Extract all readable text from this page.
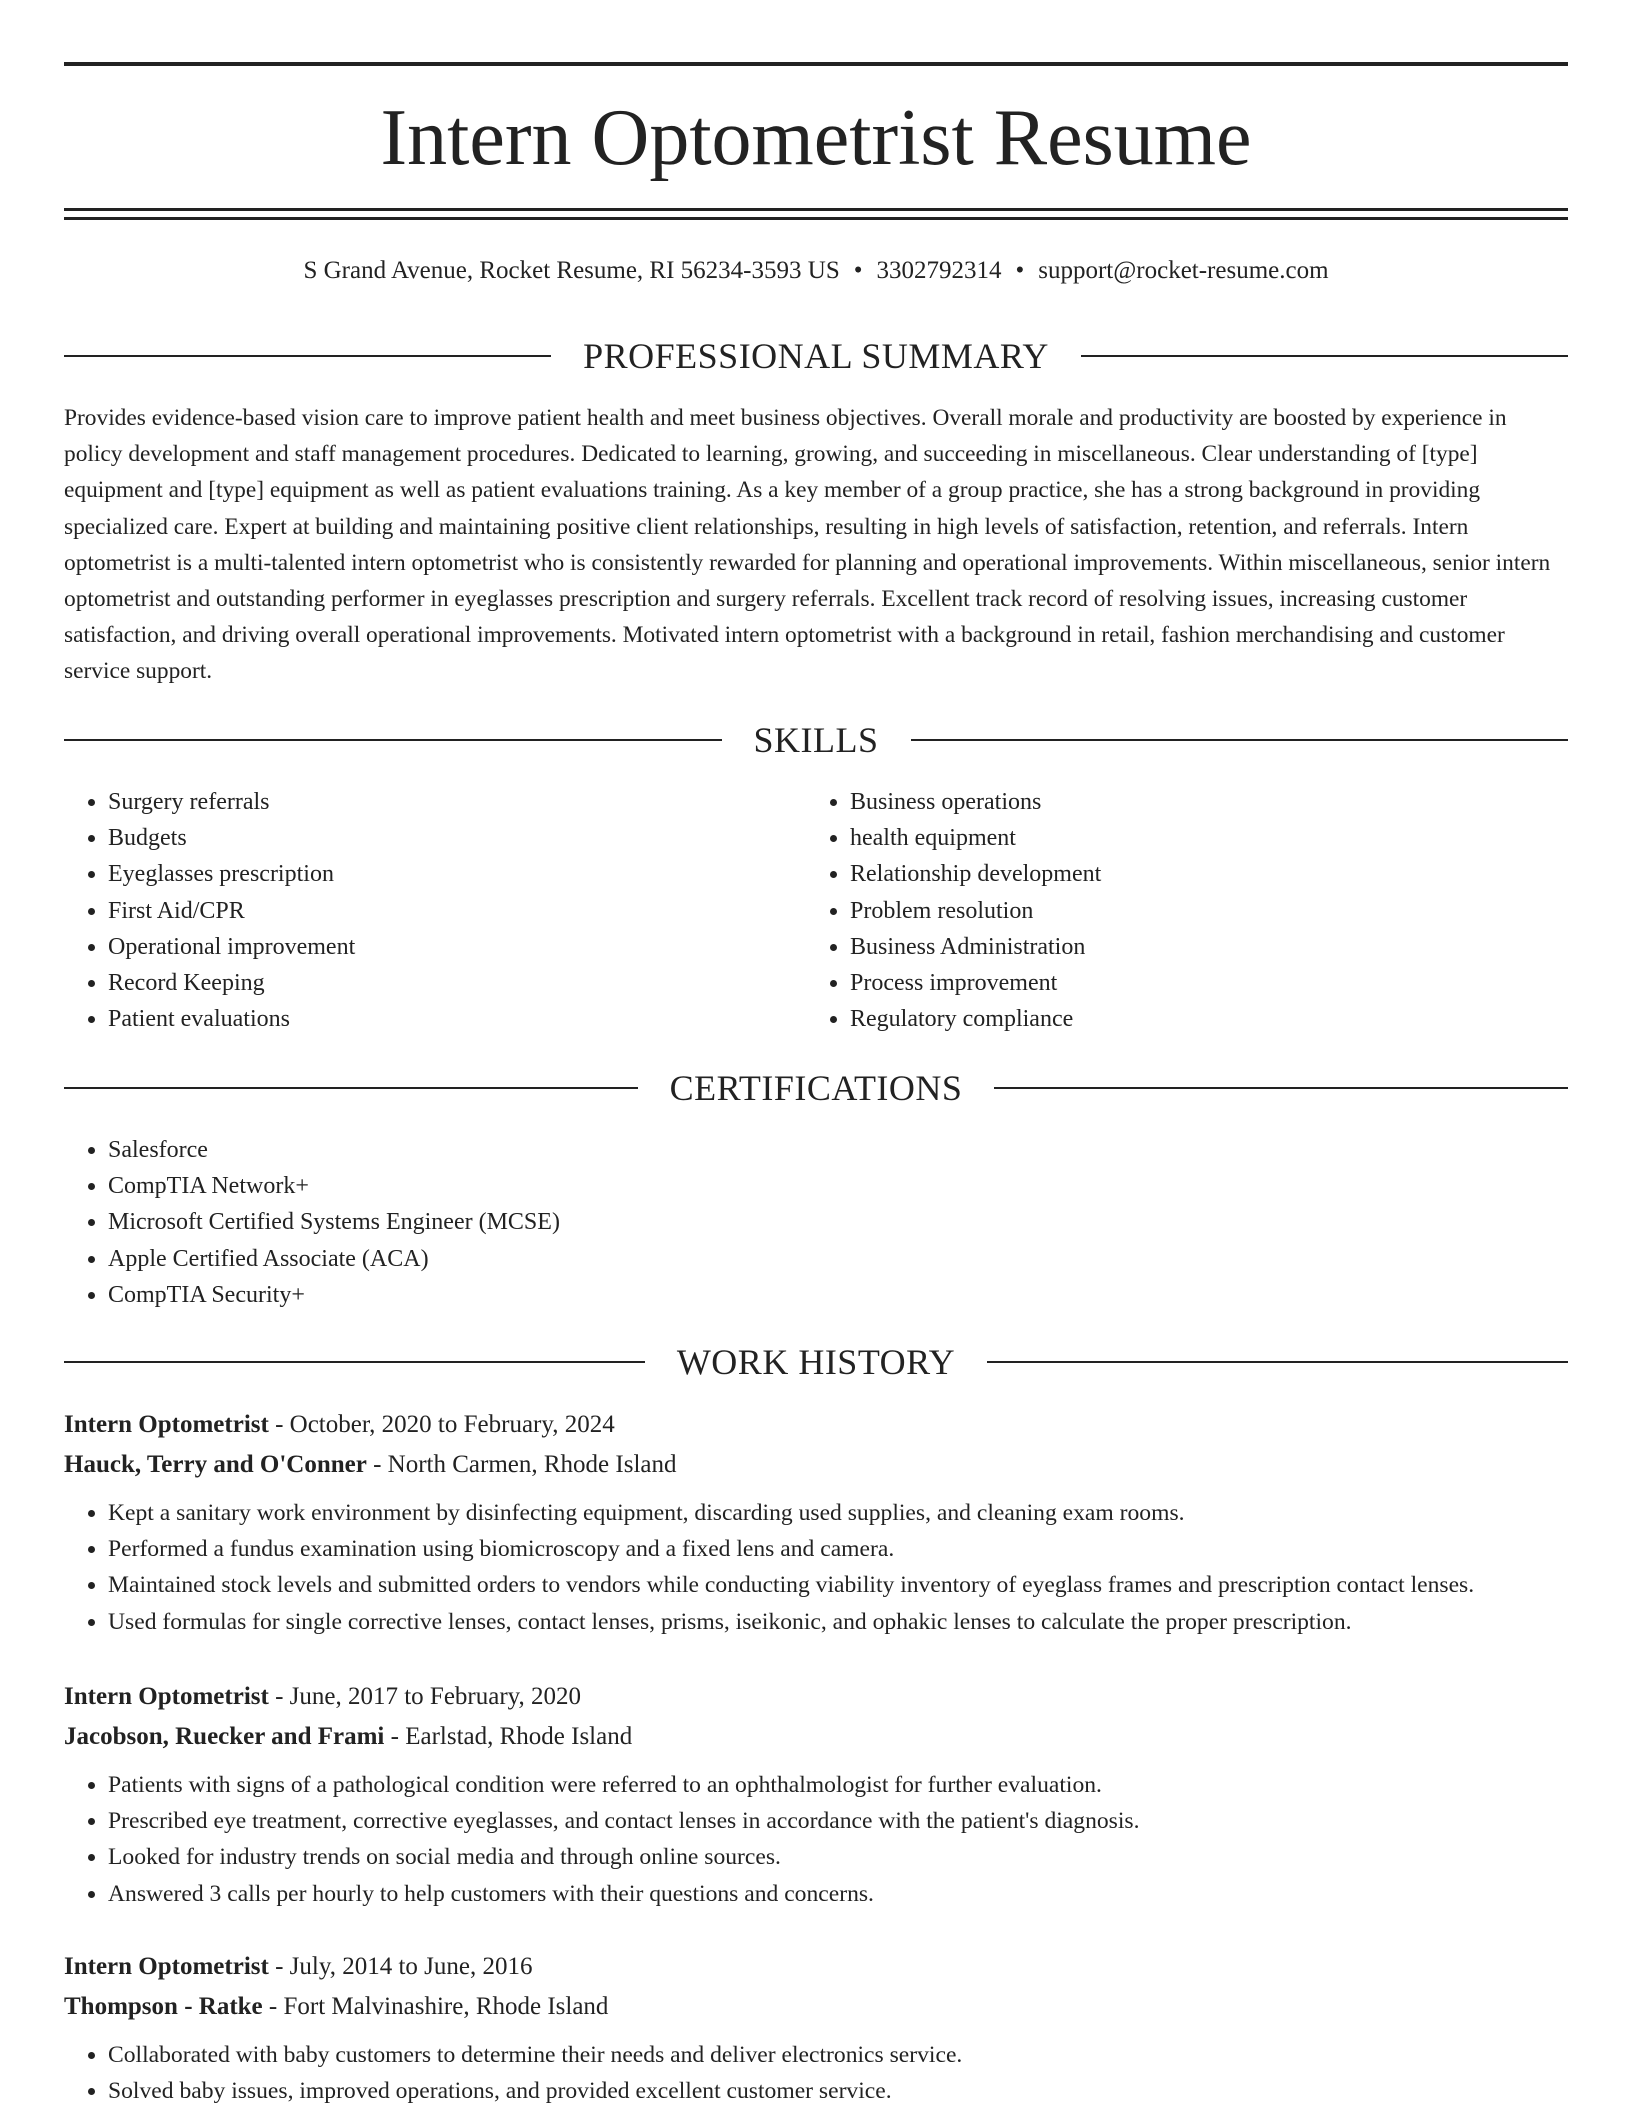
Intern Optometrist Resume
S Grand Avenue, Rocket Resume, RI 56234-3593 US • 3302792314 • support@rocket-resume.com
PROFESSIONAL SUMMARY

Provides evidence-based vision care to improve patient health and meet business objectives. Overall morale and productivity are boosted by experience in policy development and staff management procedures. Dedicated to learning, growing, and succeeding in miscellaneous. Clear understanding of [type] equipment and [type] equipment as well as patient evaluations training. As a key member of a group practice, she has a strong background in providing specialized care. Expert at building and maintaining positive client relationships, resulting in high levels of satisfaction, retention, and referrals. Intern optometrist is a multi-talented intern optometrist who is consistently rewarded for planning and operational improvements. Within miscellaneous, senior intern optometrist and outstanding performer in eyeglasses prescription and surgery referrals. Excellent track record of resolving issues, increasing customer satisfaction, and driving overall operational improvements. Motivated intern optometrist with a background in retail, fashion merchandising and customer service support.

SKILLS
• Surgery referrals
• Budgets
• Eyeglasses prescription
• First Aid/CPR
• Operational improvement
• Record Keeping
• Patient evaluations
• Business operations
• health equipment
• Relationship development
• Problem resolution
• Business Administration
• Process improvement
• Regulatory compliance
CERTIFICATIONS
• Salesforce
• CompTIA Network+
• Microsoft Certified Systems Engineer (MCSE)
• Apple Certified Associate (ACA)
• CompTIA Security+
WORK HISTORY
Intern Optometrist - October, 2020 to February, 2024
Hauck, Terry and O'Conner - North Carmen, Rhode Island
• Kept a sanitary work environment by disinfecting equipment, discarding used supplies, and cleaning exam rooms.
• Performed a fundus examination using biomicroscopy and a fixed lens and camera.
• Maintained stock levels and submitted orders to vendors while conducting viability inventory of eyeglass frames and prescription contact lenses.
• Used formulas for single corrective lenses, contact lenses, prisms, iseikonic, and ophakic lenses to calculate the proper prescription.
Intern Optometrist - June, 2017 to February, 2020
Jacobson, Ruecker and Frami - Earlstad, Rhode Island
• Patients with signs of a pathological condition were referred to an ophthalmologist for further evaluation.
• Prescribed eye treatment, corrective eyeglasses, and contact lenses in accordance with the patient's diagnosis.
• Looked for industry trends on social media and through online sources.
• Answered 3 calls per hourly to help customers with their questions and concerns.
Intern Optometrist - July, 2014 to June, 2016
Thompson - Ratke - Fort Malvinashire, Rhode Island
• Collaborated with baby customers to determine their needs and deliver electronics service.
• Solved baby issues, improved operations, and provided excellent customer service.
